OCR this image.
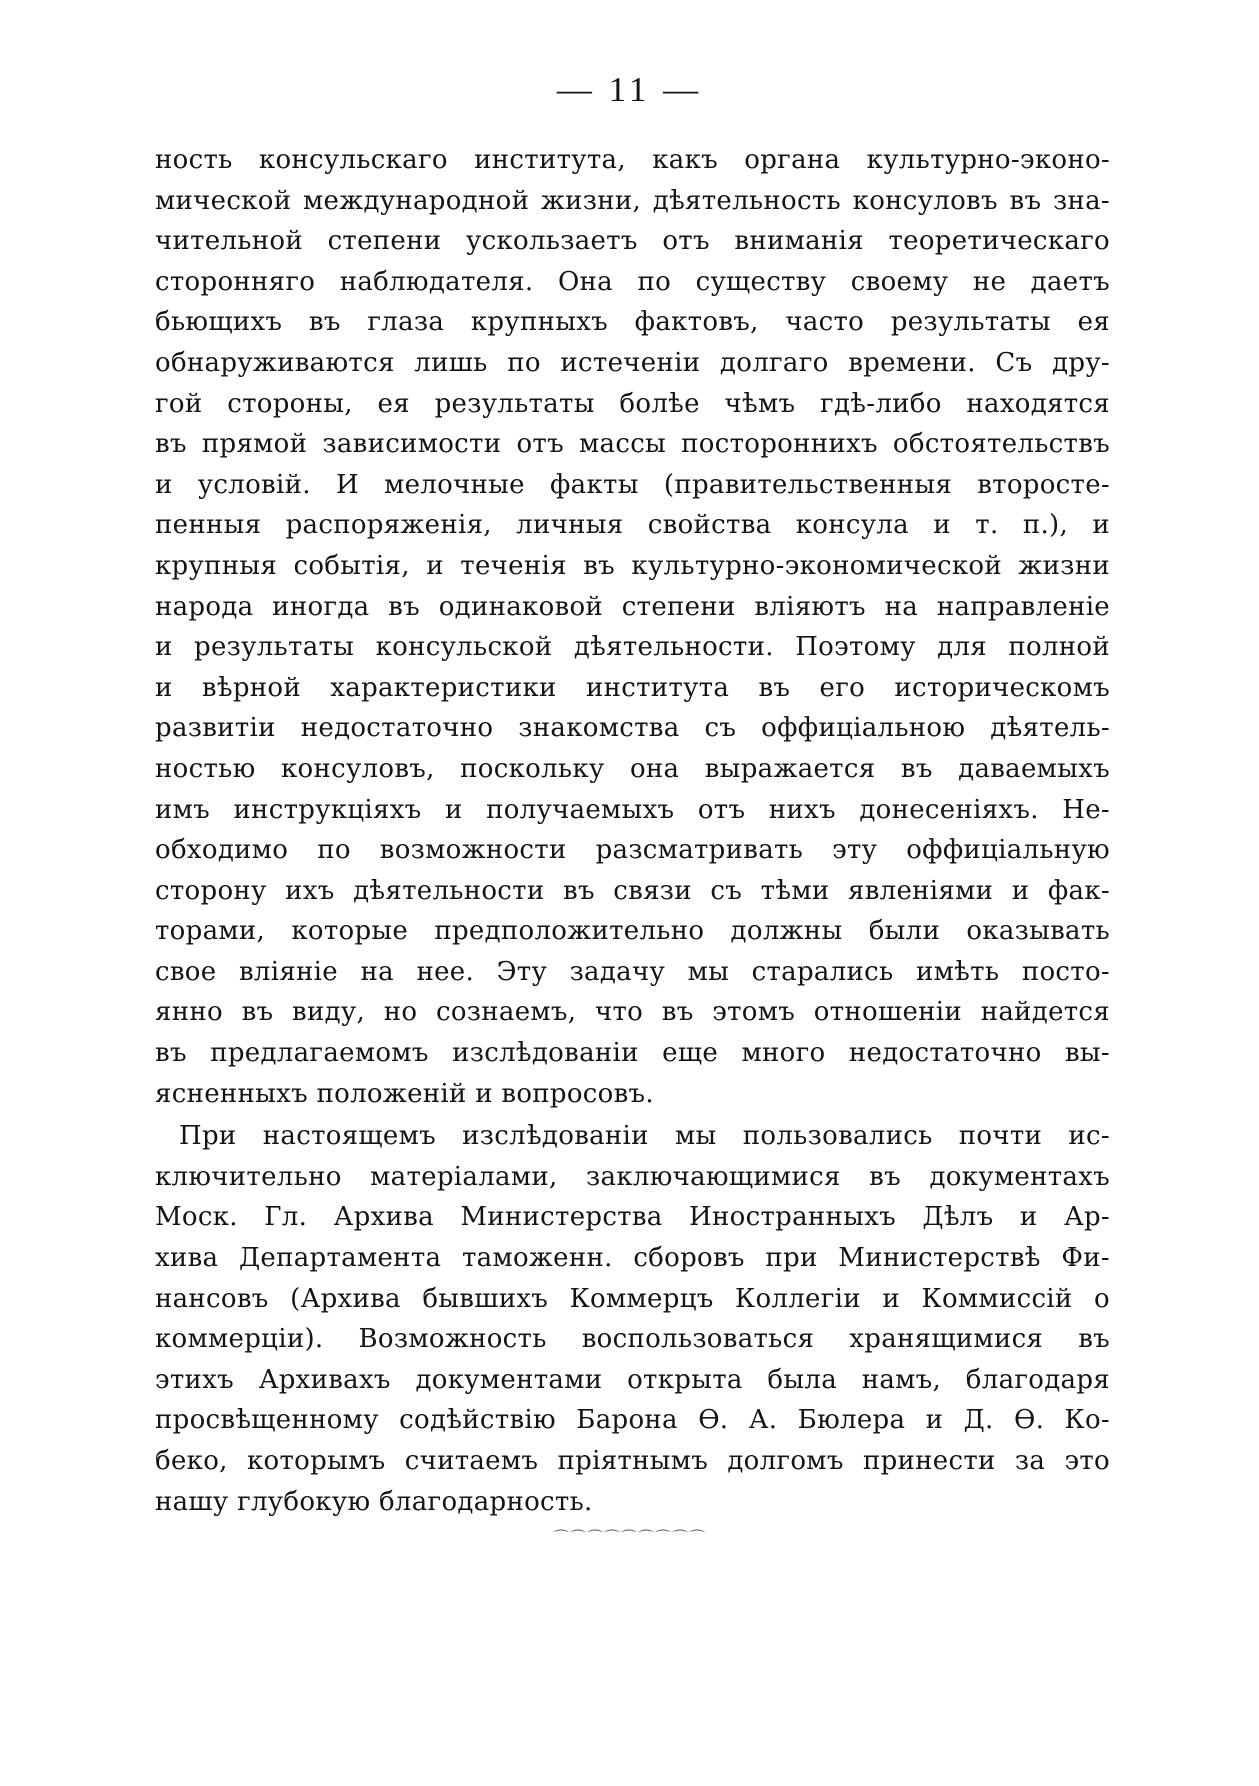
— 11 —
ность консульскаго института, какъ органа культурно-эконо-
мической международной жизни, дѣятельность консуловъ въ зна-
чительной степени ускользаетъ отъ вниманія теоретическаго
сторонняго наблюдателя. Она по существу своему не даетъ
бьющихъ въ глаза крупныхъ фактовъ, часто результаты ея
обнаруживаются лишь по истеченіи долгаго времени. Съ дру-
гой стороны, ея результаты болѣе чѣмъ гдѣ-либо находятся
въ прямой зависимости отъ массы постороннихъ обстоятельствъ
и условій. И мелочные факты (правительственныя второсте-
пенныя распоряженія, личныя свойства консула и т. п.), и
крупныя событія, и теченія въ культурно-экономической жизни
народа иногда въ одинаковой степени вліяютъ на направленіе
и результаты консульской дѣятельности. Поэтому для полной
и вѣрной характеристики института въ его историческомъ
развитіи недостаточно знакомства съ оффиціальною дѣятель-
ностью консуловъ, поскольку она выражается въ даваемыхъ
имъ инструкціяхъ и получаемыхъ отъ нихъ донесеніяхъ. Не-
обходимо по возможности разсматривать эту оффиціальную
сторону ихъ дѣятельности въ связи съ тѣми явленіями и фак-
торами, которые предположительно должны были оказывать
свое вліяніе на нее. Эту задачу мы старались имѣть посто-
янно въ виду, но сознаемъ, что въ этомъ отношеніи найдется
въ предлагаемомъ изслѣдованіи еще много недостаточно вы-
ясненныхъ положеній и вопросовъ.
При настоящемъ изслѣдованіи мы пользовались почти ис-
ключительно матеріалами, заключающимися въ документахъ
Моск. Гл. Архива Министерства Иностранныхъ Дѣлъ и Ар-
хива Департамента таможенн. сборовъ при Министерствѣ Фи-
нансовъ (Архива бывшихъ Коммерцъ Коллегіи и Коммиссій о
коммерціи). Возможность воспользоваться хранящимися въ
этихъ Архивахъ документами открыта была намъ, благодаря
просвѣщенному содѣйствію Барона Ѳ. А. Бюлера и Д. Ѳ. Ко-
беко, которымъ считаемъ пріятнымъ долгомъ принести за это
нашу глубокую благодарность.
⌒⌒⌒⌒⌒⌒⌒⌒⌒
